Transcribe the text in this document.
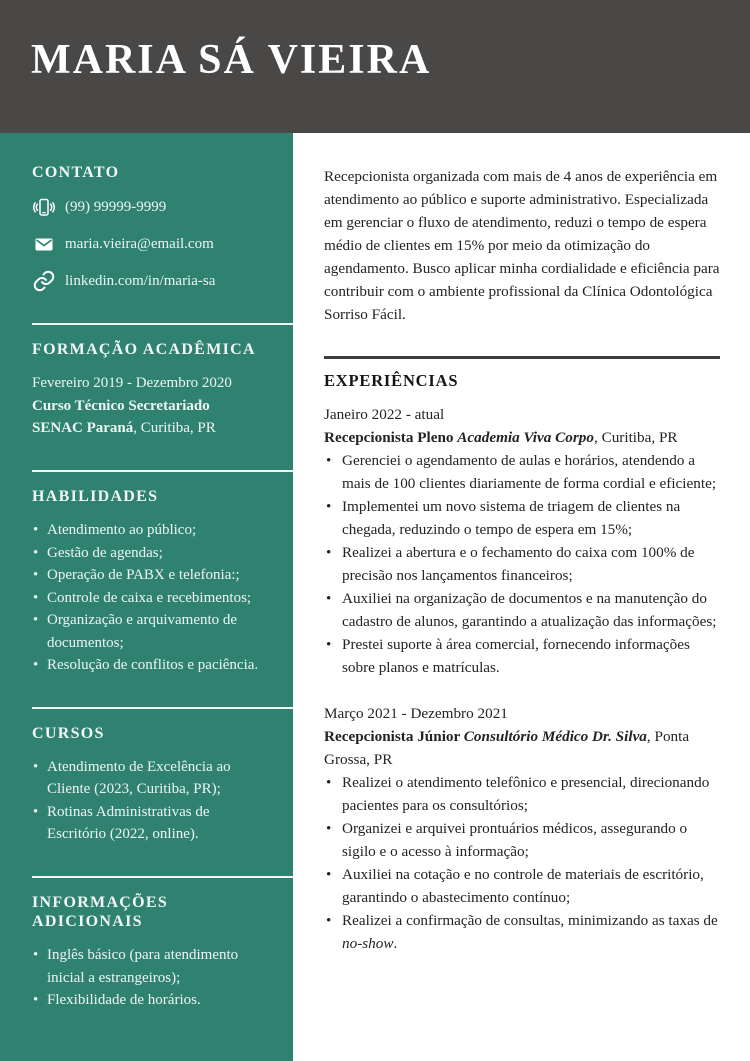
MARIA SÁ VIEIRA
CONTATO
(99) 99999-9999
maria.vieira@email.com
linkedin.com/in/maria-sa
FORMAÇÃO ACADÊMICA

Fevereiro 2019 - Dezembro 2020

Curso Técnico Secretariado

SENAC Paraná, Curitiba, PR

HABILIDADES
• Atendimento ao público;
• Gestão de agendas;
• Operação de PABX e telefonia:;
• Controle de caixa e recebimentos;
• Organização e arquivamento de documentos;
• Resolução de conflitos e paciência.
CURSOS
• Atendimento de Excelência ao Cliente (2023, Curitiba, PR);
• Rotinas Administrativas de Escritório (2022, online).
INFORMAÇÕES ADICIONAIS
• Inglês básico (para atendimento inicial a estrangeiros);
• Flexibilidade de horários.

Recepcionista organizada com mais de 4 anos de experiência em atendimento ao público e suporte administrativo. Especializada em gerenciar o fluxo de atendimento, reduzi o tempo de espera médio de clientes em 15% por meio da otimização do agendamento. Busco aplicar minha cordialidade e eficiência para contribuir com o ambiente profissional da Clínica Odontológica Sorriso Fácil.

EXPERIÊNCIAS

Janeiro 2022 - atual

Recepcionista Pleno Academia Viva Corpo, Curitiba, PR

• Gerenciei o agendamento de aulas e horários, atendendo a mais de 100 clientes diariamente de forma cordial e eficiente;
• Implementei um novo sistema de triagem de clientes na chegada, reduzindo o tempo de espera em 15%;
• Realizei a abertura e o fechamento do caixa com 100% de precisão nos lançamentos financeiros;
• Auxiliei na organização de documentos e na manutenção do cadastro de alunos, garantindo a atualização das informações;
• Prestei suporte à área comercial, fornecendo informações sobre planos e matrículas.

Março 2021 - Dezembro 2021

Recepcionista Júnior Consultório Médico Dr. Silva, Ponta Grossa, PR

• Realizei o atendimento telefônico e presencial, direcionando pacientes para os consultórios;
• Organizei e arquivei prontuários médicos, assegurando o sigilo e o acesso à informação;
• Auxiliei na cotação e no controle de materiais de escritório, garantindo o abastecimento contínuo;
• Realizei a confirmação de consultas, minimizando as taxas de no-show.
